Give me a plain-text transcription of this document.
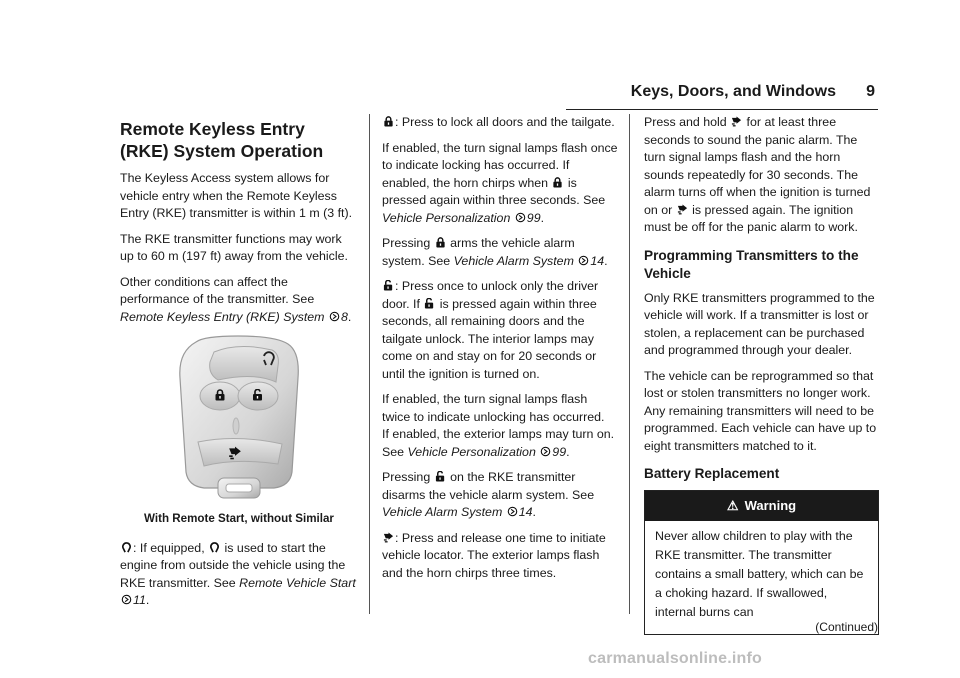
Keys, Doors, and Windows 9
Remote Keyless Entry (RKE) System Operation

The Keyless Access system allows for vehicle entry when the Remote Keyless Entry (RKE) transmitter is within 1 m (3 ft).

The RKE transmitter functions may work up to 60 m (197 ft) away from the vehicle.

Other conditions can affect the performance of the transmitter. See Remote Keyless Entry (RKE) System 8.

With Remote Start, without Similar

: If equipped,
is used to start the engine from outside the vehicle using the RKE transmitter. See Remote Vehicle Start
11.

: Press to lock all doors and the tailgate.

If enabled, the turn signal lamps flash once to indicate locking has occurred. If enabled, the horn chirps when
is pressed again within three seconds. See Vehicle Personalization 99.

Pressing
arms the vehicle alarm system. See Vehicle Alarm System 14.

: Press once to unlock only the driver door. If
is pressed again within three seconds, all remaining doors and the tailgate unlock. The interior lamps may come on and stay on for 20 seconds or until the ignition is turned on.

If enabled, the turn signal lamps flash twice to indicate unlocking has occurred.

If enabled, the exterior lamps may turn on. See Vehicle Personalization 99.

Pressing
on the RKE transmitter disarms the vehicle alarm system. See Vehicle Alarm System 14.

: Press and release one time to initiate vehicle locator. The exterior lamps flash and the horn chirps three times.

Press and hold
for at least three seconds to sound the panic alarm. The turn signal lamps flash and the horn sounds repeatedly for 30 seconds. The alarm turns off when the ignition is turned on or
is pressed again. The ignition must be off for the panic alarm to work.

Programming Transmitters to the Vehicle

Only RKE transmitters programmed to the vehicle will work. If a transmitter is lost or stolen, a replacement can be purchased and programmed through your dealer.

The vehicle can be reprogrammed so that lost or stolen transmitters no longer work. Any remaining transmitters will need to be programmed. Each vehicle can have up to eight transmitters matched to it.

Battery Replacement
⚠ Warning
Never allow children to play with the RKE transmitter. The transmitter contains a small battery, which can be a choking hazard. If swallowed, internal burns can
(Continued)
carmanualsonline.info
